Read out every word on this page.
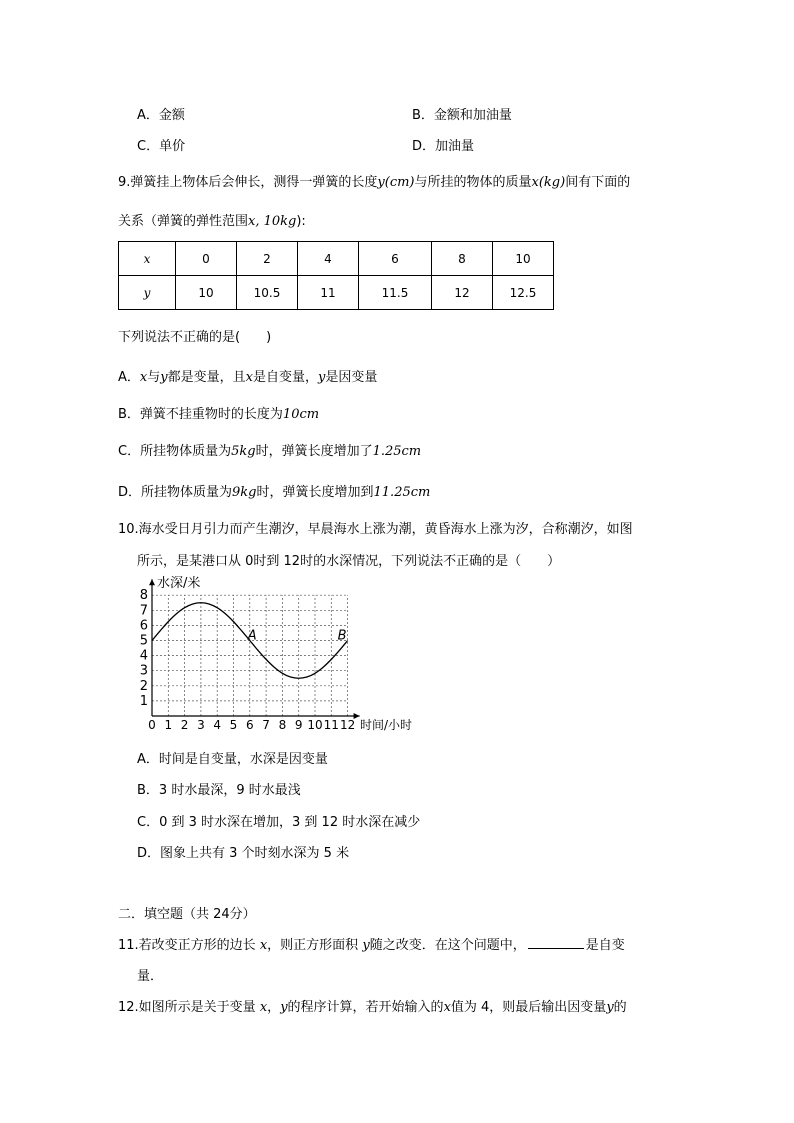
A．金额	B．金额和加油量
C．单价	D．加油量
9.弹簧挂上物体后会伸长，测得一弹簧的长度y(cm)与所挂的物体的质量x(kg)间有下面的
关系（弹簧的弹性范围x, 10kg):
x	0	2	4	6	8	10
y	10	10.5	11	11.5	12	12.5
下列说法不正确的是(　　)
A．x与y都是变量，且x是自变量，y是因变量
B．弹簧不挂重物时的长度为10cm
C．所挂物体质量为5kg时，弹簧长度增加了1.25cm
D．所挂物体质量为9kg时，弹簧长度增加到11.25cm
10.海水受日月引力而产生潮汐，早晨海水上涨为潮，黄昏海水上涨为汐，合称潮汐，如图
所示，是某港口从 0时到 12时的水深情况，下列说法不正确的是（　　）
0 1 2 3 4 5 6 7 8 9 10 11 12
1
2
3
4
5
6
7
8
A	B
水深/米
时间/小时
A．时间是自变量，水深是因变量
B．3 时水最深，9 时水最浅
C．0 到 3 时水深在增加，3 到 12 时水深在减少
D．图象上共有 3 个时刻水深为 5 米
二．填空题（共 24分）
11.若改变正方形的边长 x，则正方形面积 y随之改变．在这个问题中，	是自变
量．
12.如图所示是关于变量 x，y的程序计算，若开始输入的x值为 4，则最后输出因变量y的
